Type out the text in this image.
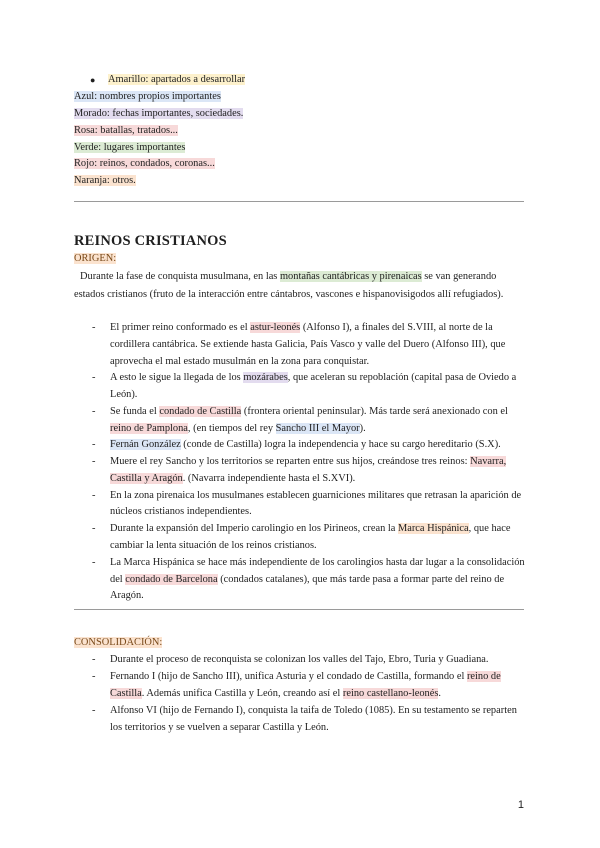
● Amarillo: apartados a desarrollar
Azul: nombres propios importantes
Morado: fechas importantes, sociedades.
Rosa: batallas, tratados...
Verde: lugares importantes
Rojo: reinos, condados, coronas...
Naranja: otros.
REINOS CRISTIANOS
ORIGEN:
Durante la fase de conquista musulmana, en las montañas cantábricas y pirenaicas se van generando
estados cristianos (fruto de la interacción entre cántabros, vascones e hispanovisigodos allí refugiados).
- El primer reino conformado es el astur-leonés (Alfonso I), a finales del S.VIII, al norte de la
cordillera cantábrica. Se extiende hasta Galicia, País Vasco y valle del Duero (Alfonso III), que
aprovecha el mal estado musulmán en la zona para conquistar.
- A esto le sigue la llegada de los mozárabes, que aceleran su repoblación (capital pasa de Oviedo a
León).
- Se funda el condado de Castilla (frontera oriental peninsular). Más tarde será anexionado con el
reino de Pamplona, (en tiempos del rey Sancho III el Mayor).
- Fernán González (conde de Castilla) logra la independencia y hace su cargo hereditario (S.X).
- Muere el rey Sancho y los territorios se reparten entre sus hijos, creándose tres reinos: Navarra,
Castilla y Aragón. (Navarra independiente hasta el S.XVI).
- En la zona pirenaica los musulmanes establecen guarniciones militares que retrasan la aparición de
núcleos cristianos independientes.
- Durante la expansión del Imperio carolingio en los Pirineos, crean la Marca Hispánica, que hace
cambiar la lenta situación de los reinos cristianos.
- La Marca Hispánica se hace más independiente de los carolingios hasta dar lugar a la consolidación
del condado de Barcelona (condados catalanes), que más tarde pasa a formar parte del reino de
Aragón.
CONSOLIDACIÓN:
- Durante el proceso de reconquista se colonizan los valles del Tajo, Ebro, Turia y Guadiana.
- Fernando I (hijo de Sancho III), unifica Asturia y el condado de Castilla, formando el reino de
Castilla. Además unifica Castilla y León, creando así el reino castellano-leonés.
- Alfonso VI (hijo de Fernando I), conquista la taifa de Toledo (1085). En su testamento se reparten
los territorios y se vuelven a separar Castilla y León.
1
